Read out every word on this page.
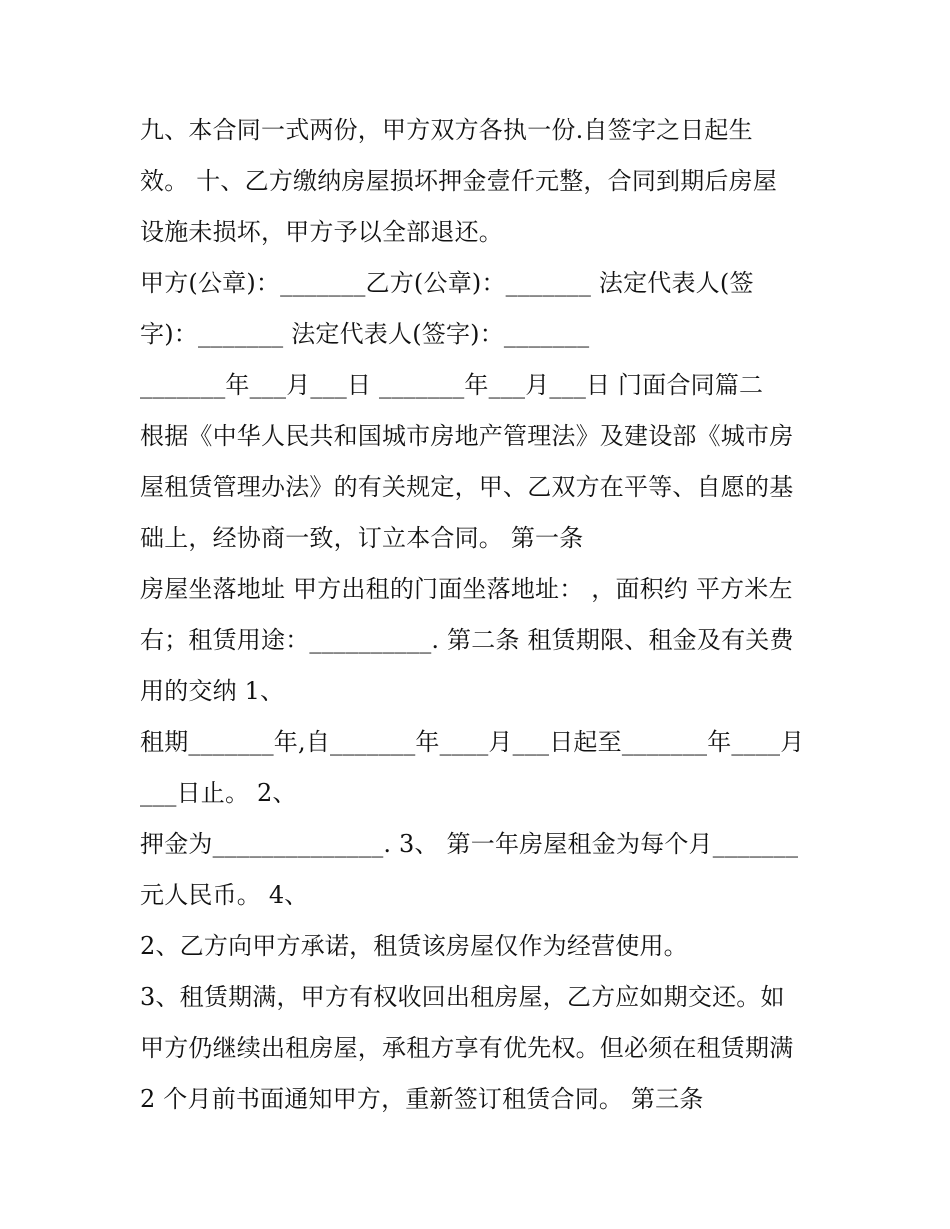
九、本合同一式两份，甲方双方各执一份.自签字之日起生
效。 十、乙方缴纳房屋损坏押金壹仟元整，合同到期后房屋
设施未损坏，甲方予以全部退还。
甲方(公章)：_______乙方(公章)：_______ 法定代表人(签
字)：_______ 法定代表人(签字)：_______
_______年___月___日 _______年___月___日 门面合同篇二
根据《中华人民共和国城市房地产管理法》及建设部《城市房
屋租赁管理办法》的有关规定，甲、乙双方在平等、自愿的基
础上，经协商一致，订立本合同。 第一条
房屋坐落地址 甲方出租的门面坐落地址： ，面积约 平方米左
右；租赁用途：__________. 第二条 租赁期限、租金及有关费
用的交纳 1、
租期_______年,自_______年____月___日起至_______年____月
___日止。 2、
押金为______________. 3、 第一年房屋租金为每个月_______
元人民币。 4、
2、乙方向甲方承诺，租赁该房屋仅作为经营使用。
3、租赁期满，甲方有权收回出租房屋，乙方应如期交还。如
甲方仍继续出租房屋，承租方享有优先权。但必须在租赁期满
2 个月前书面通知甲方，重新签订租赁合同。 第三条
